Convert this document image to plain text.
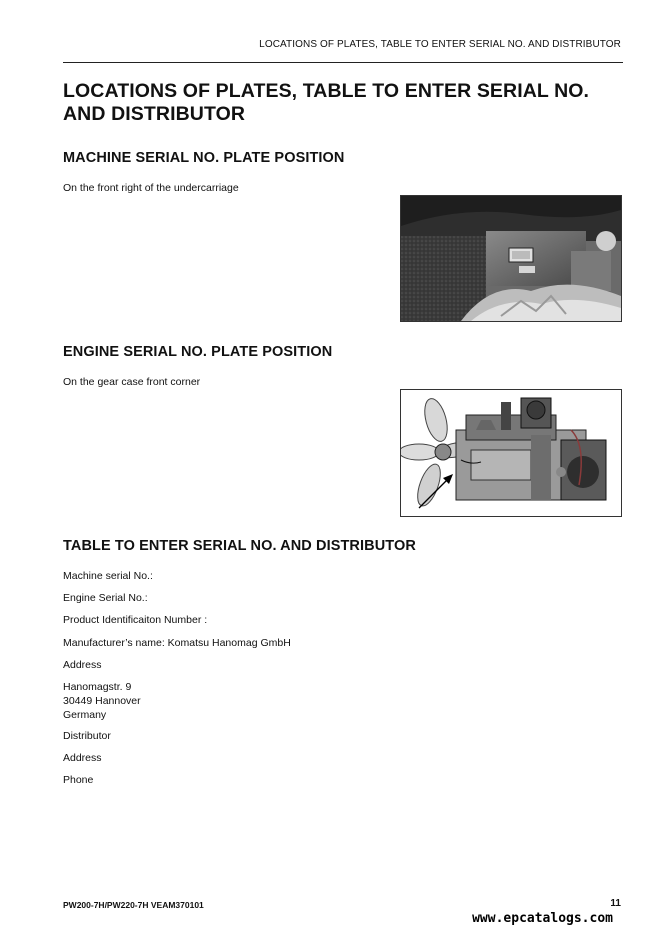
LOCATIONS OF PLATES, TABLE TO ENTER SERIAL NO. AND DISTRIBUTOR
LOCATIONS OF PLATES, TABLE TO ENTER SERIAL NO.
AND DISTRIBUTOR
MACHINE SERIAL NO. PLATE POSITION
On the front right of the undercarriage
ENGINE SERIAL NO. PLATE POSITION
On the gear case front corner
TABLE TO ENTER SERIAL NO. AND DISTRIBUTOR
Machine serial No.:
Engine Serial No.:
Product Identificaiton Number :
Manufacturer’s name: Komatsu Hanomag GmbH
Address
Hanomagstr. 9
30449 Hannover
Germany
Distributor
Address
Phone
PW200-7H/PW220-7H VEAM370101	11
www.epcatalogs.com
